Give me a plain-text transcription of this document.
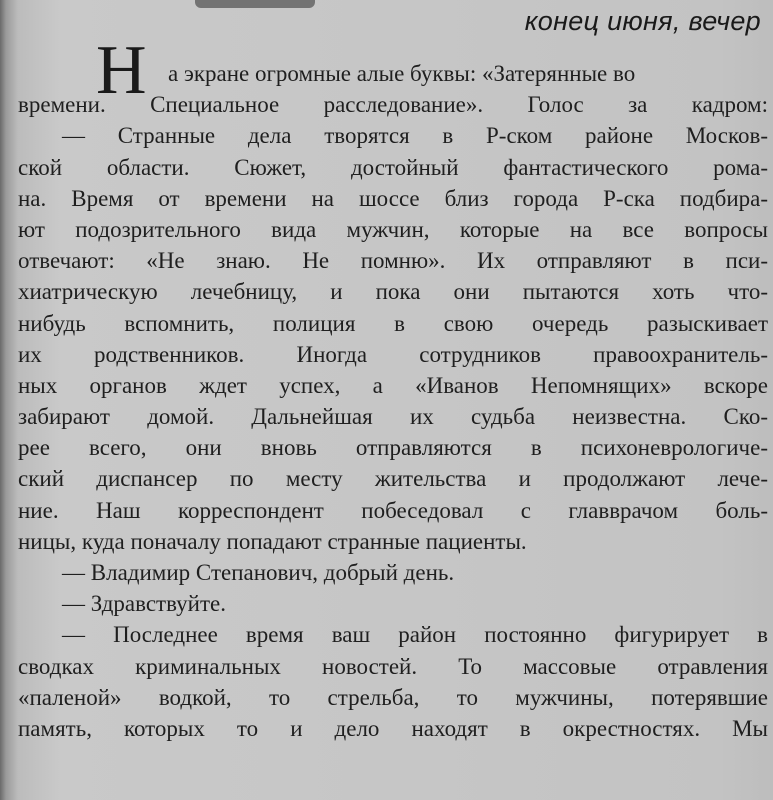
конец июня, вечер
Н а экране огромные алые буквы: «Затерянные во
времени. Специальное расследование». Голос за кадром:
— Странные дела творятся в Р-ском районе Москов-
ской области. Сюжет, достойный фантастического рома-
на. Время от времени на шоссе близ города Р-ска подбира-
ют подозрительного вида мужчин, которые на все вопросы
отвечают: «Не знаю. Не помню». Их отправляют в пси-
хиатрическую лечебницу, и пока они пытаются хоть что-
нибудь вспомнить, полиция в свою очередь разыскивает
их родственников. Иногда сотрудников правоохранитель-
ных органов ждет успех, а «Иванов Непомнящих» вскоре
забирают домой. Дальнейшая их судьба неизвестна. Ско-
рее всего, они вновь отправляются в психоневрологиче-
ский диспансер по месту жительства и продолжают лече-
ние. Наш корреспондент побеседовал с главврачом боль-
ницы, куда поначалу попадают странные пациенты.
— Владимир Степанович, добрый день.
— Здравствуйте.
— Последнее время ваш район постоянно фигурирует в
сводках криминальных новостей. То массовые отравления
«паленой» водкой, то стрельба, то мужчины, потерявшие
память, которых то и дело находят в окрестностях. Мы
